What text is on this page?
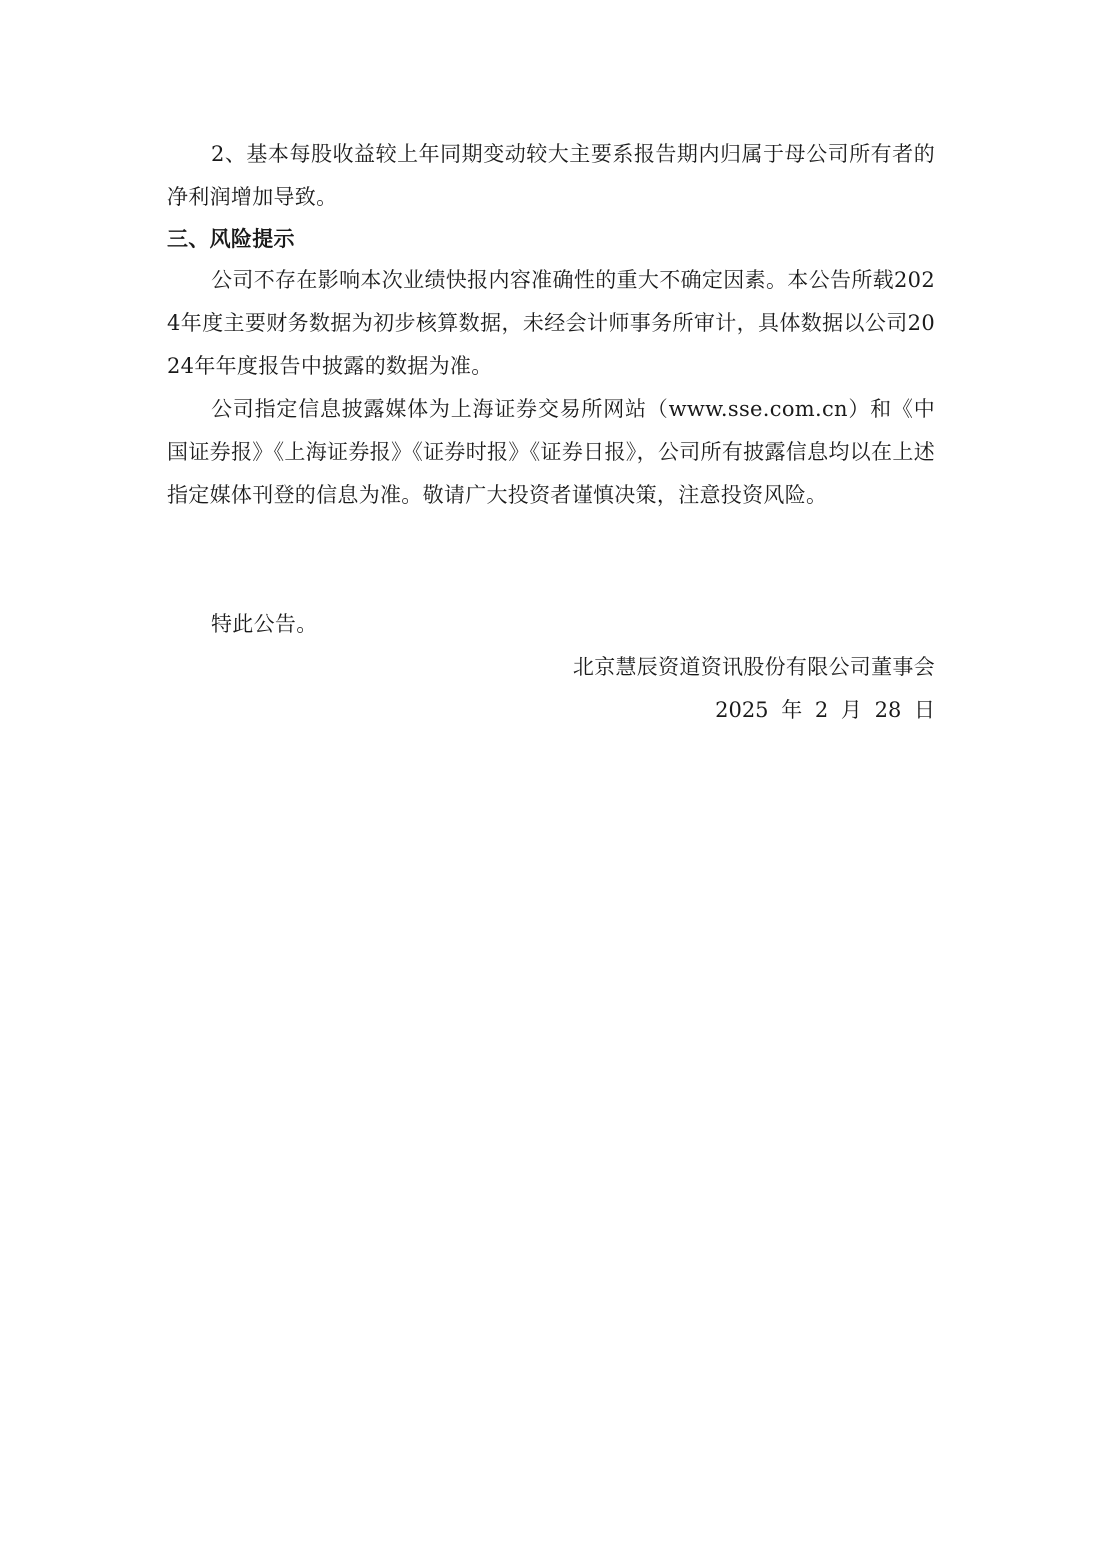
2、基本每股收益较上年同期变动较大主要系报告期内归属于母公司所有者的净利润增加导致。

三、风险提示

公司不存在影响本次业绩快报内容准确性的重大不确定因素。本公告所载2024年度主要财务数据为初步核算数据，未经会计师事务所审计，具体数据以公司2024年年度报告中披露的数据为准。

公司指定信息披露媒体为上海证券交易所网站（www.sse.com.cn）和《中国证券报》《上海证券报》《证券时报》《证券日报》，公司所有披露信息均以在上述指定媒体刊登的信息为准。敬请广大投资者谨慎决策，注意投资风险。

特此公告。

北京慧辰资道资讯股份有限公司董事会

2025 年 2 月 28 日
